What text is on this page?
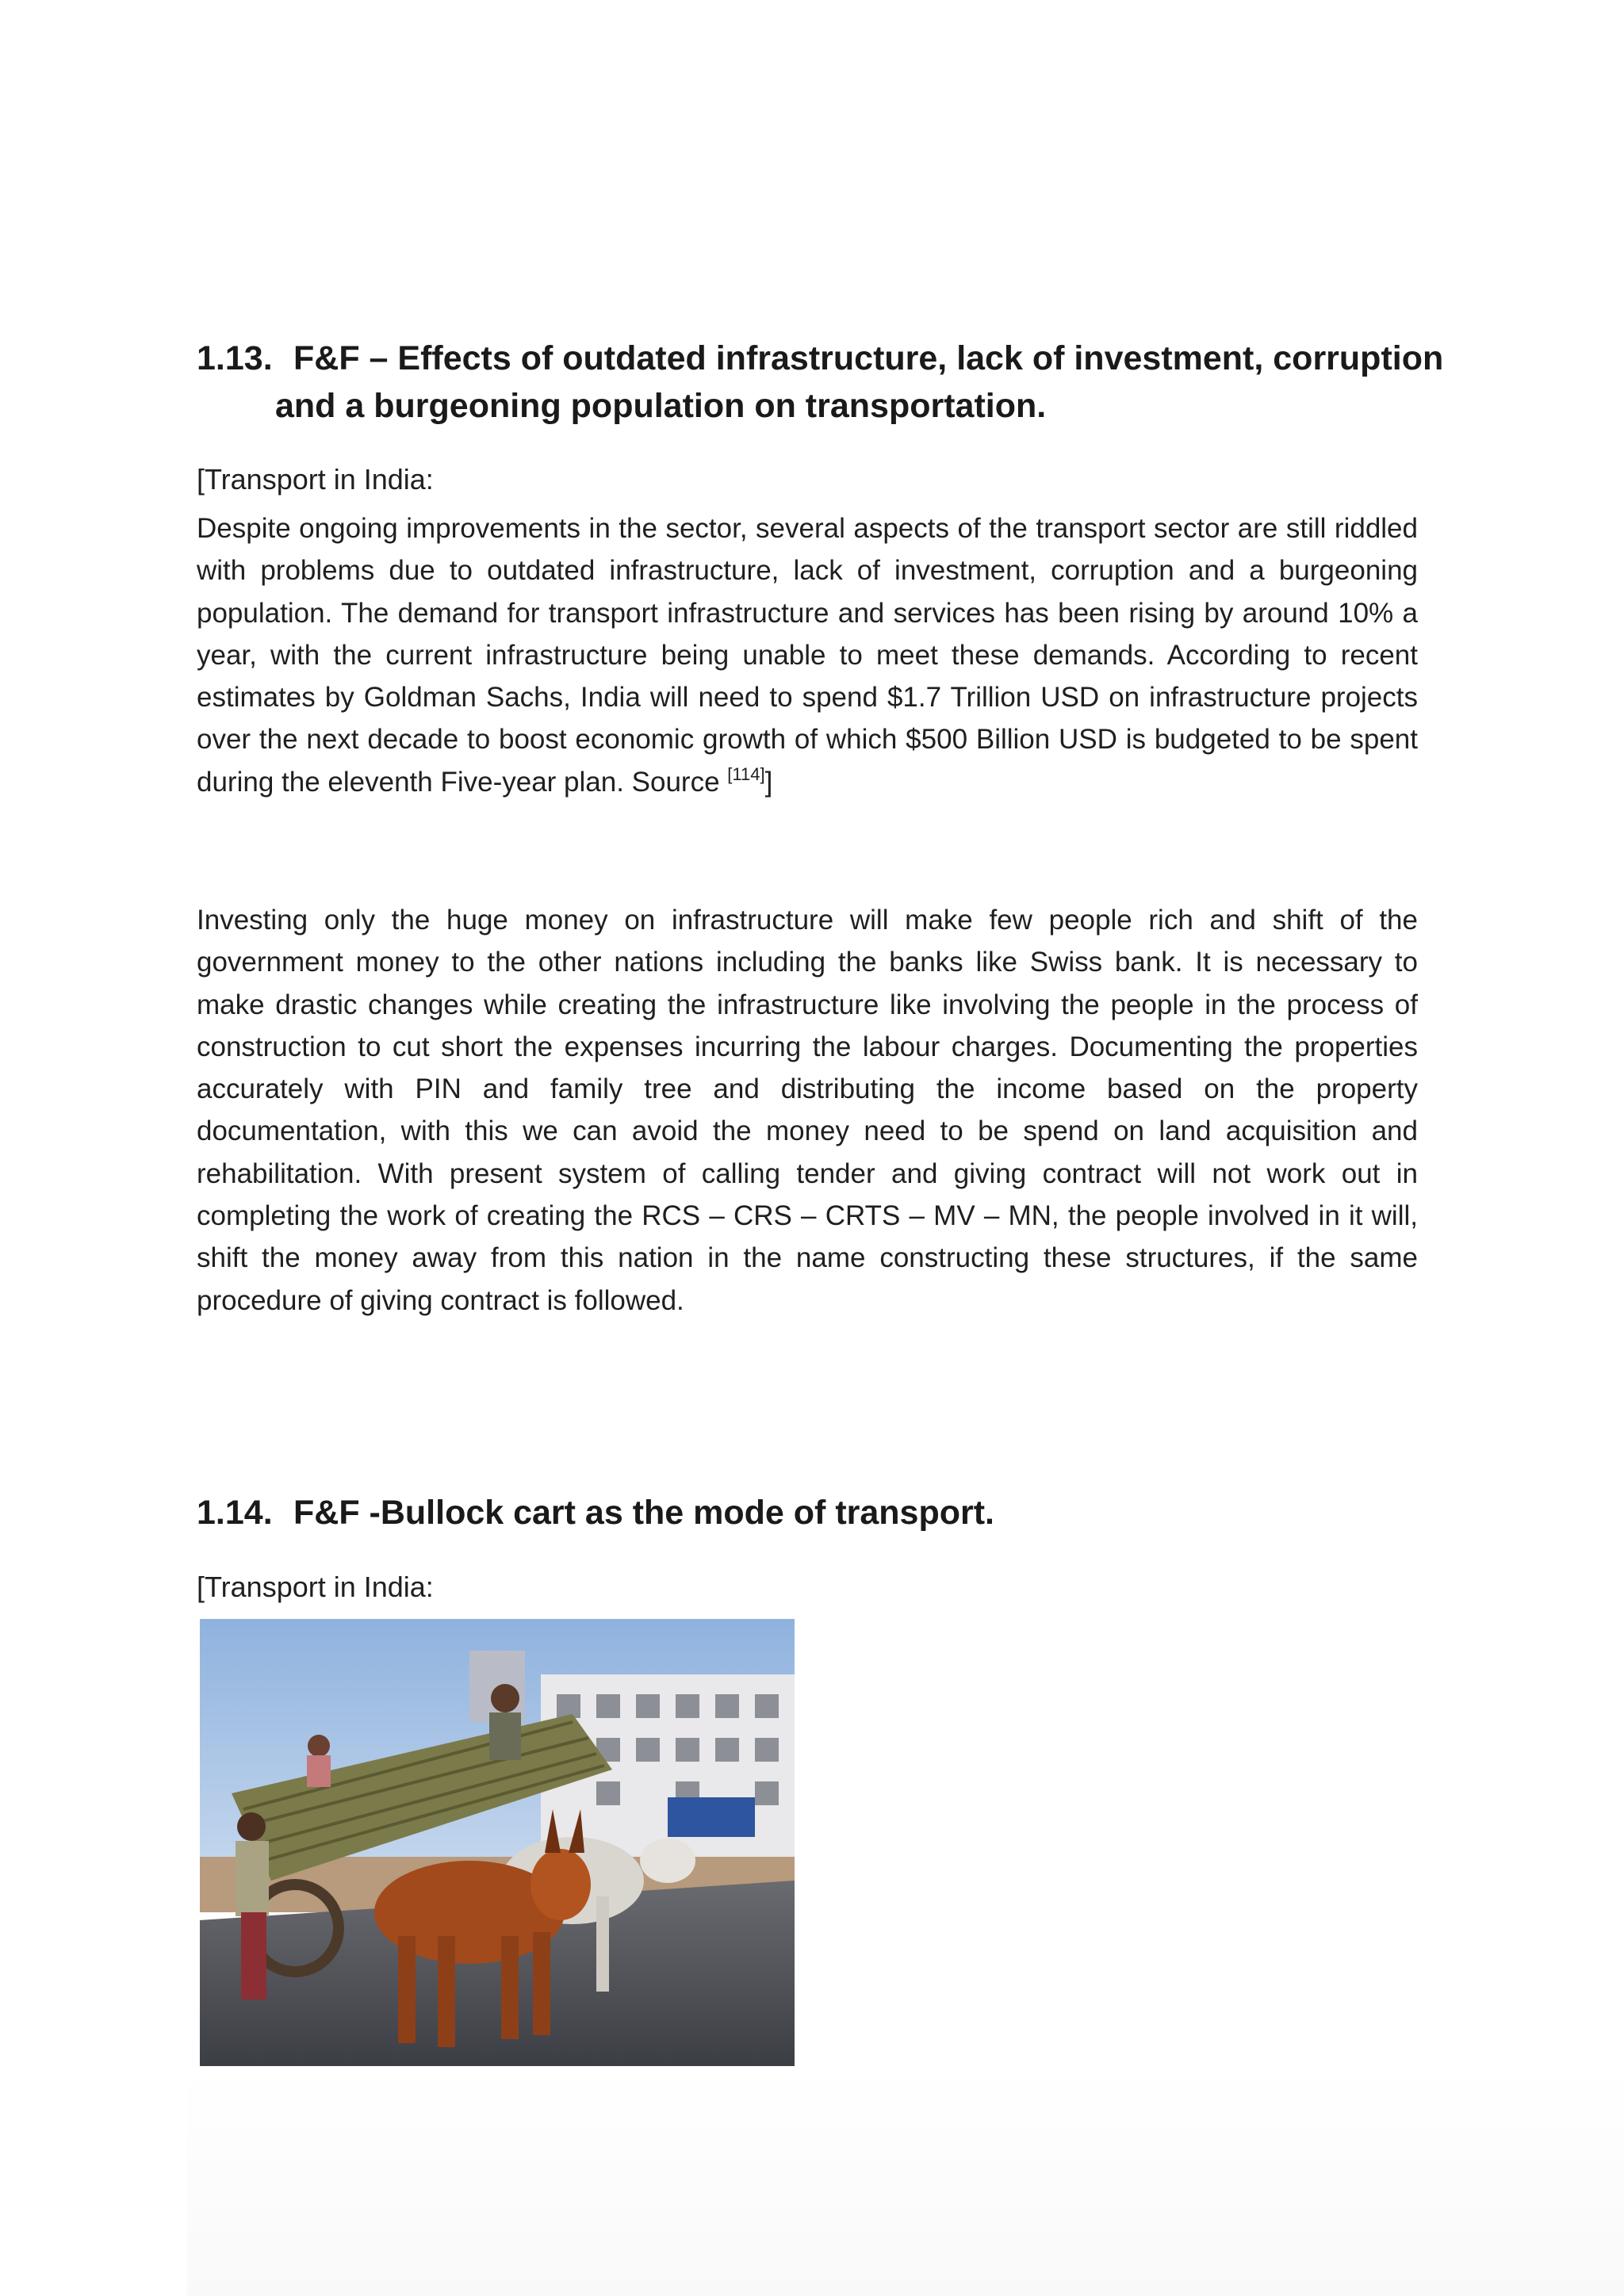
1.13. F&F – Effects of outdated infrastructure, lack of investment, corruption
and a burgeoning population on transportation.

[Transport in India:

Despite ongoing improvements in the sector, several aspects of the transport sector are still riddled with problems due to outdated infrastructure, lack of investment, corruption and a burgeoning population. The demand for transport infrastructure and services has been rising by around 10% a year, with the current infrastructure being unable to meet these demands. According to recent estimates by Goldman Sachs, India will need to spend $1.7 Trillion USD on infrastructure projects over the next decade to boost economic growth of which $500 Billion USD is budgeted to be spent during the eleventh Five-year plan. Source [114]]

Investing only the huge money on infrastructure will make few people rich and shift of the government money to the other nations including the banks like Swiss bank. It is necessary to make drastic changes while creating the infrastructure like involving the people in the process of construction to cut short the expenses incurring the labour charges. Documenting the properties accurately with PIN and family tree and distributing the income based on the property documentation, with this we can avoid the money need to be spend on land acquisition and rehabilitation. With present system of calling tender and giving contract will not work out in completing the work of creating the RCS – CRS – CRTS – MV – MN, the people involved in it will, shift the money away from this nation in the name constructing these structures, if the same procedure of giving contract is followed.

1.14. F&F -Bullock cart as the mode of transport.

[Transport in India:
